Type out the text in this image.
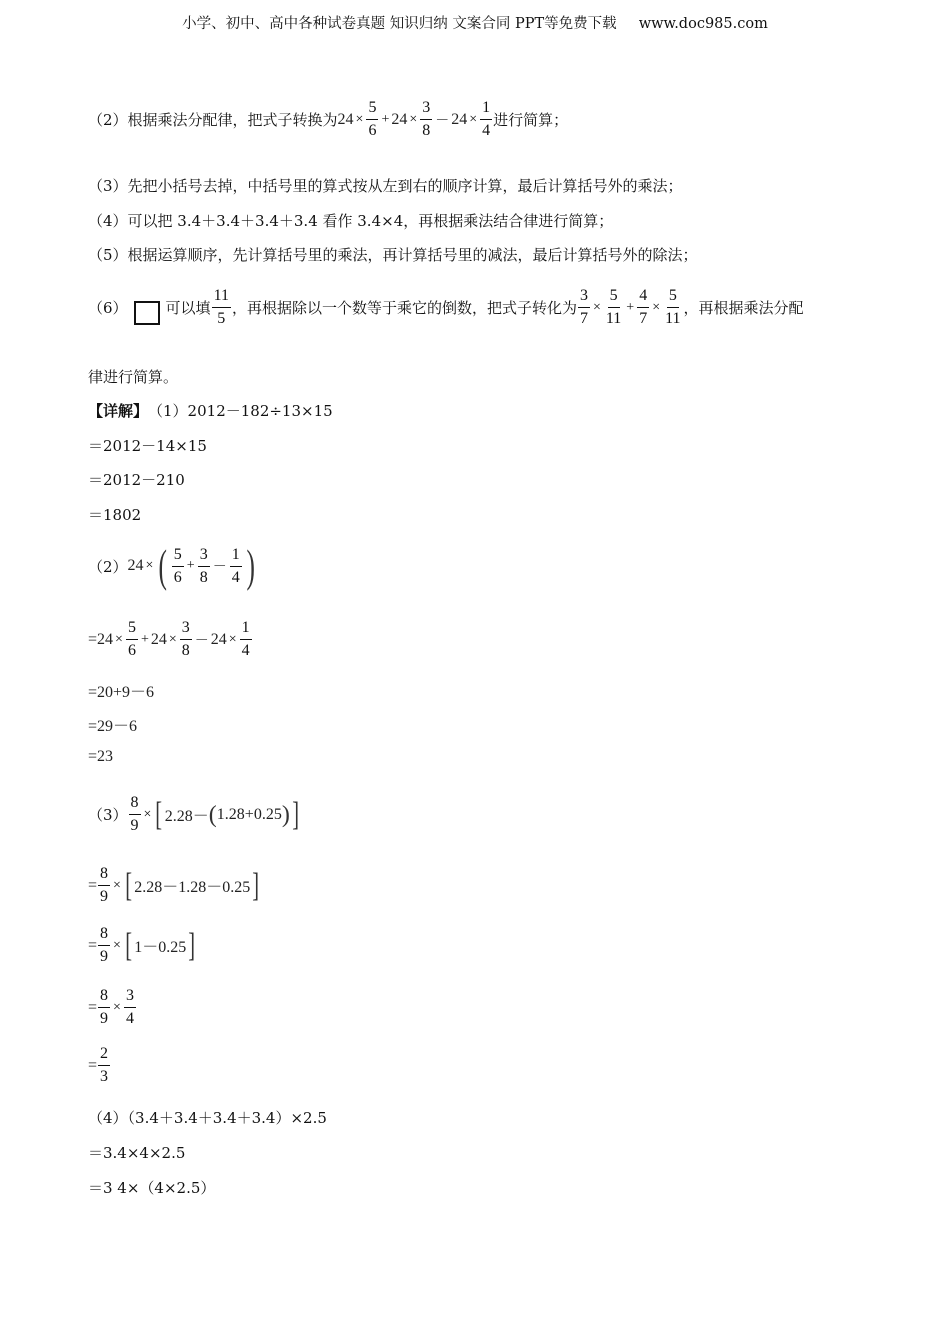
小学、初中、高中各种试卷真题 知识归纳 文案合同 PPT等免费下载 www.doc985.com
（2）根据乘法分配律，把式子转换为 $24 \times \frac{5}{6} + 24 \times \frac{3}{8} - 24 \times \frac{1}{4}$ 进行简算；
（3）先把小括号去掉，中括号里的算式按从左到右的顺序计算，最后计算括号外的乘法；
（4）可以把 3.4＋3.4＋3.4＋3.4 看作 3.4×4，再根据乘法结合律进行简算；
（5）根据运算顺序，先计算括号里的乘法，再计算括号里的减法，最后计算括号外的除法；
（6）	可以填 $\frac{11}{5}$ ，再根据除以一个数等于乘它的倒数，把式子转化为 $\frac{3}{7} \times \frac{5}{11} + \frac{4}{7} \times \frac{5}{11}$ ，再根据乘法分配
律进行简算。
【详解】 （1）2012－182÷13×15
＝2012－14×15
＝2012－210
＝1802
（2） 24 × ( $\frac{5}{6} + \frac{3}{8} - \frac{1}{4}$ )
= $24 \times \frac{5}{6} + 24 \times \frac{3}{8} - 24 \times \frac{1}{4}$
=20+9－6
=29－6
=23
$(3) \frac{8}{9}$ × [ 2.28－ ( 1.28+0.25 ) ]
= $\frac{8}{9}$ × [ 2.28－1.28－0.25 ]
= $\frac{8}{9}$ × [ 1－0.25 ]
= $\frac{8}{9} \times \frac{3}{4}$
= $\frac{2}{3}$
（4）（3.4＋3.4＋3.4＋3.4）×2.5
＝3.4×4×2.5
＝3 4×（4×2.5）
